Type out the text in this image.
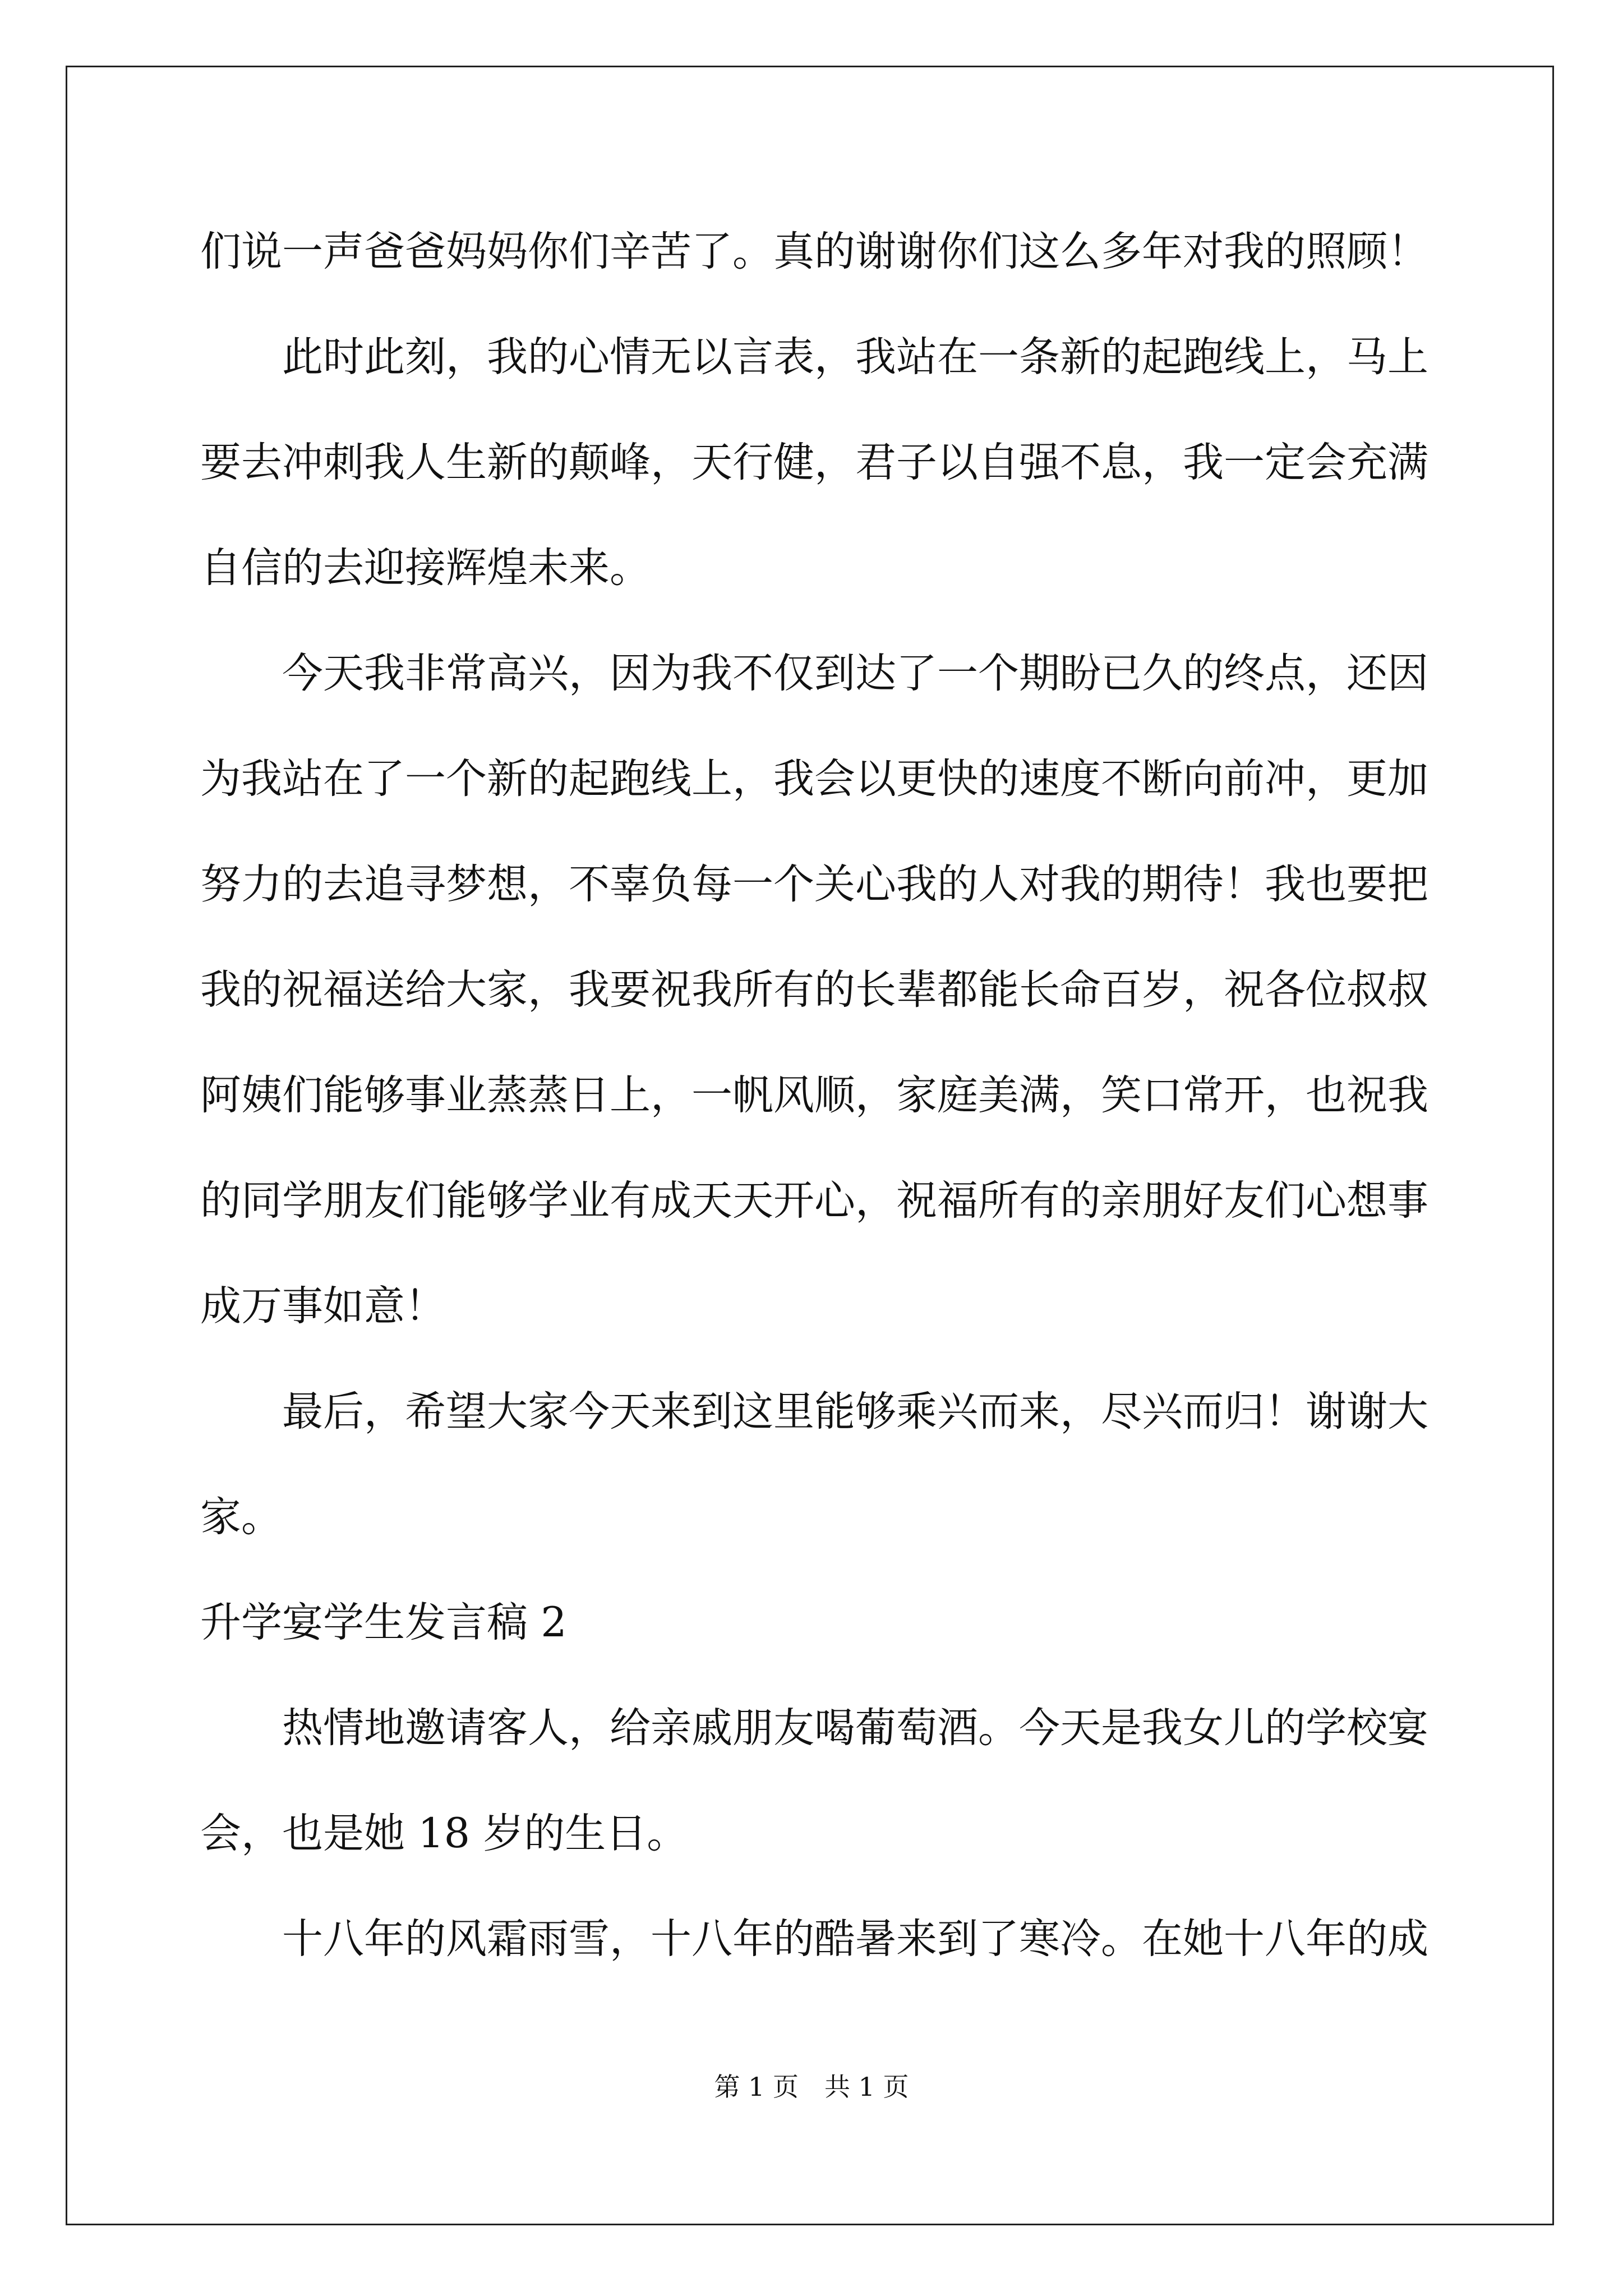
们说一声爸爸妈妈你们辛苦了。真的谢谢你们这么多年对我的照顾！
此时此刻，我的心情无以言表，我站在一条新的起跑线上，马上
要去冲刺我人生新的颠峰，天行健，君子以自强不息，我一定会充满
自信的去迎接辉煌未来。
今天我非常高兴，因为我不仅到达了一个期盼已久的终点，还因
为我站在了一个新的起跑线上，我会以更快的速度不断向前冲，更加
努力的去追寻梦想，不辜负每一个关心我的人对我的期待！我也要把
我的祝福送给大家，我要祝我所有的长辈都能长命百岁，祝各位叔叔
阿姨们能够事业蒸蒸日上，一帆风顺，家庭美满，笑口常开，也祝我
的同学朋友们能够学业有成天天开心，祝福所有的亲朋好友们心想事
成万事如意！
最后，希望大家今天来到这里能够乘兴而来，尽兴而归！谢谢大
家。
升学宴学生发言稿 2
热情地邀请客人，给亲戚朋友喝葡萄酒。今天是我女儿的学校宴
会，也是她 18 岁的生日。
十八年的风霜雨雪，十八年的酷暑来到了寒冷。在她十八年的成
第 1 页 共 1 页
